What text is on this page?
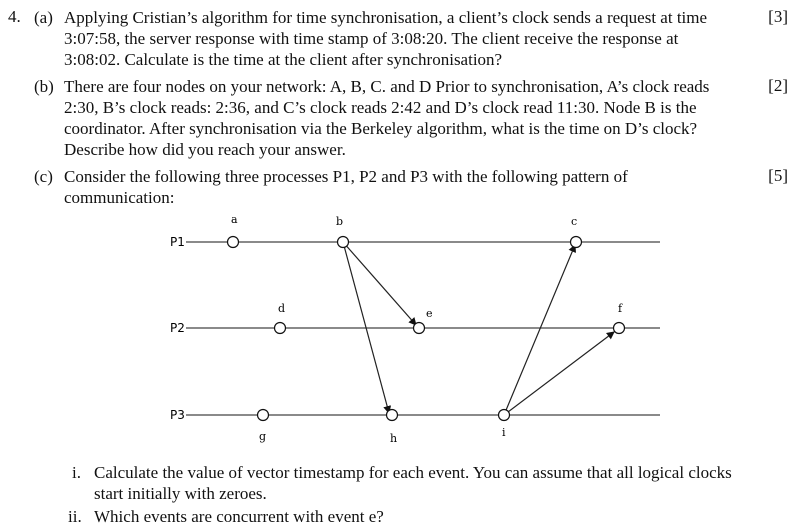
4. (a) Applying Cristian’s algorithm for time synchronisation, a client’s clock sends a request at time 3:07:58, the server response with time stamp of 3:08:20. The client receive the response at 3:08:02. Calculate is the time at the client after synchronisation?
[3]
(b) There are four nodes on your network: A, B, C. and D Prior to synchronisation, A’s clock reads 2:30, B’s clock reads: 2:36, and C’s clock reads 2:42 and D’s clock read 11:30. Node B is the coordinator. After synchronisation via the Berkeley algorithm, what is the time on D’s clock?Describe how did you reach your answer.
[2]
(c) Consider the following three processes P1, P2 and P3 with the following pattern of communication:
[5]
P1
P2
P3
a	b	c
d	e	f
g	h	i
i. Calculate the value of vector timestamp for each event. You can assume that all logical clocks start initially with zeroes.
ii. Which events are concurrent with event e?
